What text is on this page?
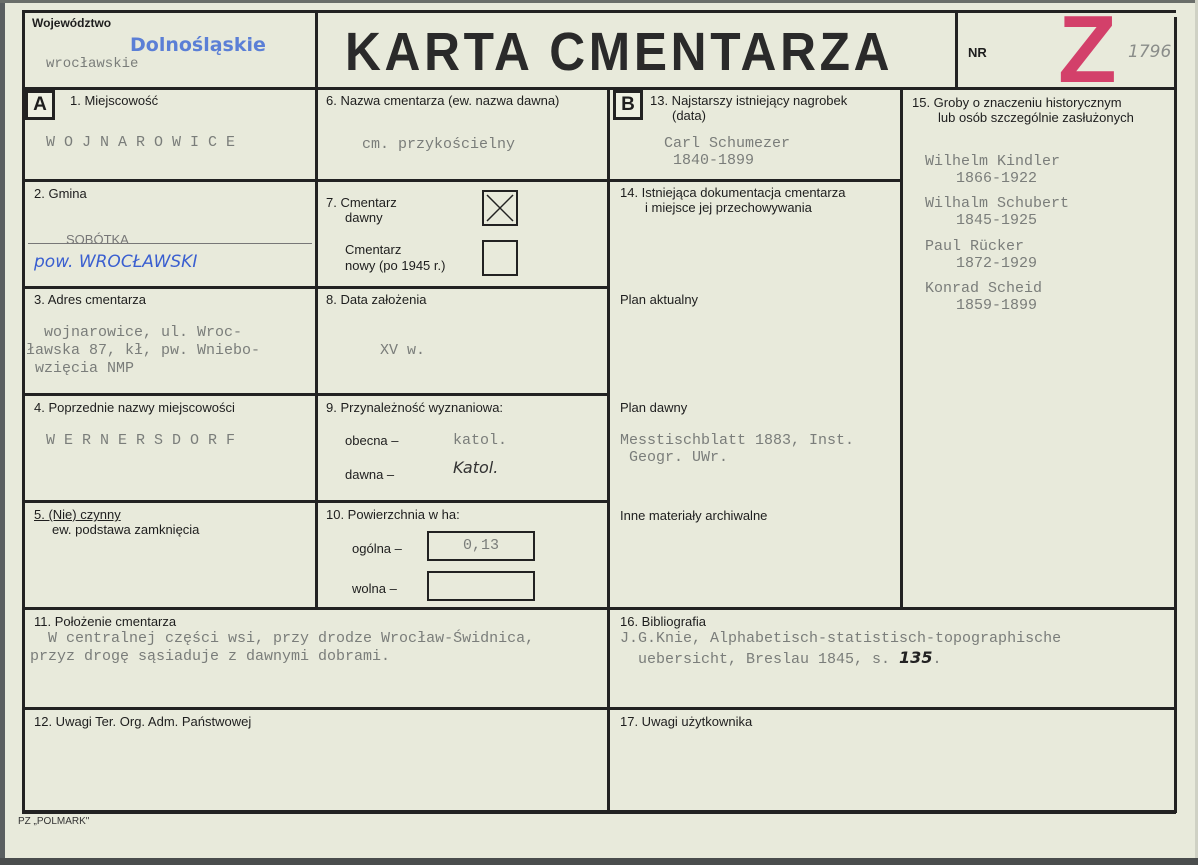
Województwo
Dolnośląskie
wrocławskie	KARTA CMENTARZA	NR Z 1796
A	1. Miejscowość
WOJNAROWICE
6. Nazwa cmentarza (ew. nazwa dawna)
cm. przykościelny
2. Gmina
SOBÓTKA
pow. WROCŁAWSKI
7. Cmentarz
dawny
Cmentarz
nowy (po 1945 r.)
3. Adres cmentarza
wojnarowice, ul. Wroc-
ławska 87, kł, pw. Wniebo-
wzięcia NMP
8. Data założenia
XV w.
4. Poprzednie nazwy miejscowości
WERNERSDORF
9. Przynależność wyznaniowa:
obecna –	katol.
dawna –	Katol.
5. (Nie) czynny
ew. podstawa zamknięcia
10. Powierzchnia w ha:
ogólna –	0,13
wolna –
B	13. Najstarszy istniejący nagrobek
(data)
Carl Schumezer
1840-1899
14. Istniejąca dokumentacja cmentarza
i miejsce jej przechowywania
Plan aktualny
Plan dawny
Messtischblatt 1883, Inst.
Geogr. UWr.
Inne materiały archiwalne
15. Groby o znaczeniu historycznym
lub osób szczególnie zasłużonych
Wilhelm Kindler
1866-1922
Wilhalm Schubert
1845-1925
Paul Rücker
1872-1929
Konrad Scheid
1859-1899
11. Położenie cmentarza
W centralnej części wsi, przy drodze Wrocław-Świdnica,
przyz drogę sąsiaduje z dawnymi dobrami.
16. Bibliografia
J.G.Knie, Alphabetisch-statistisch-topographische
uebersicht, Breslau 1845, s. 135.
12. Uwagi Ter. Org. Adm. Państwowej	17. Uwagi użytkownika
PZ „POLMARK"
